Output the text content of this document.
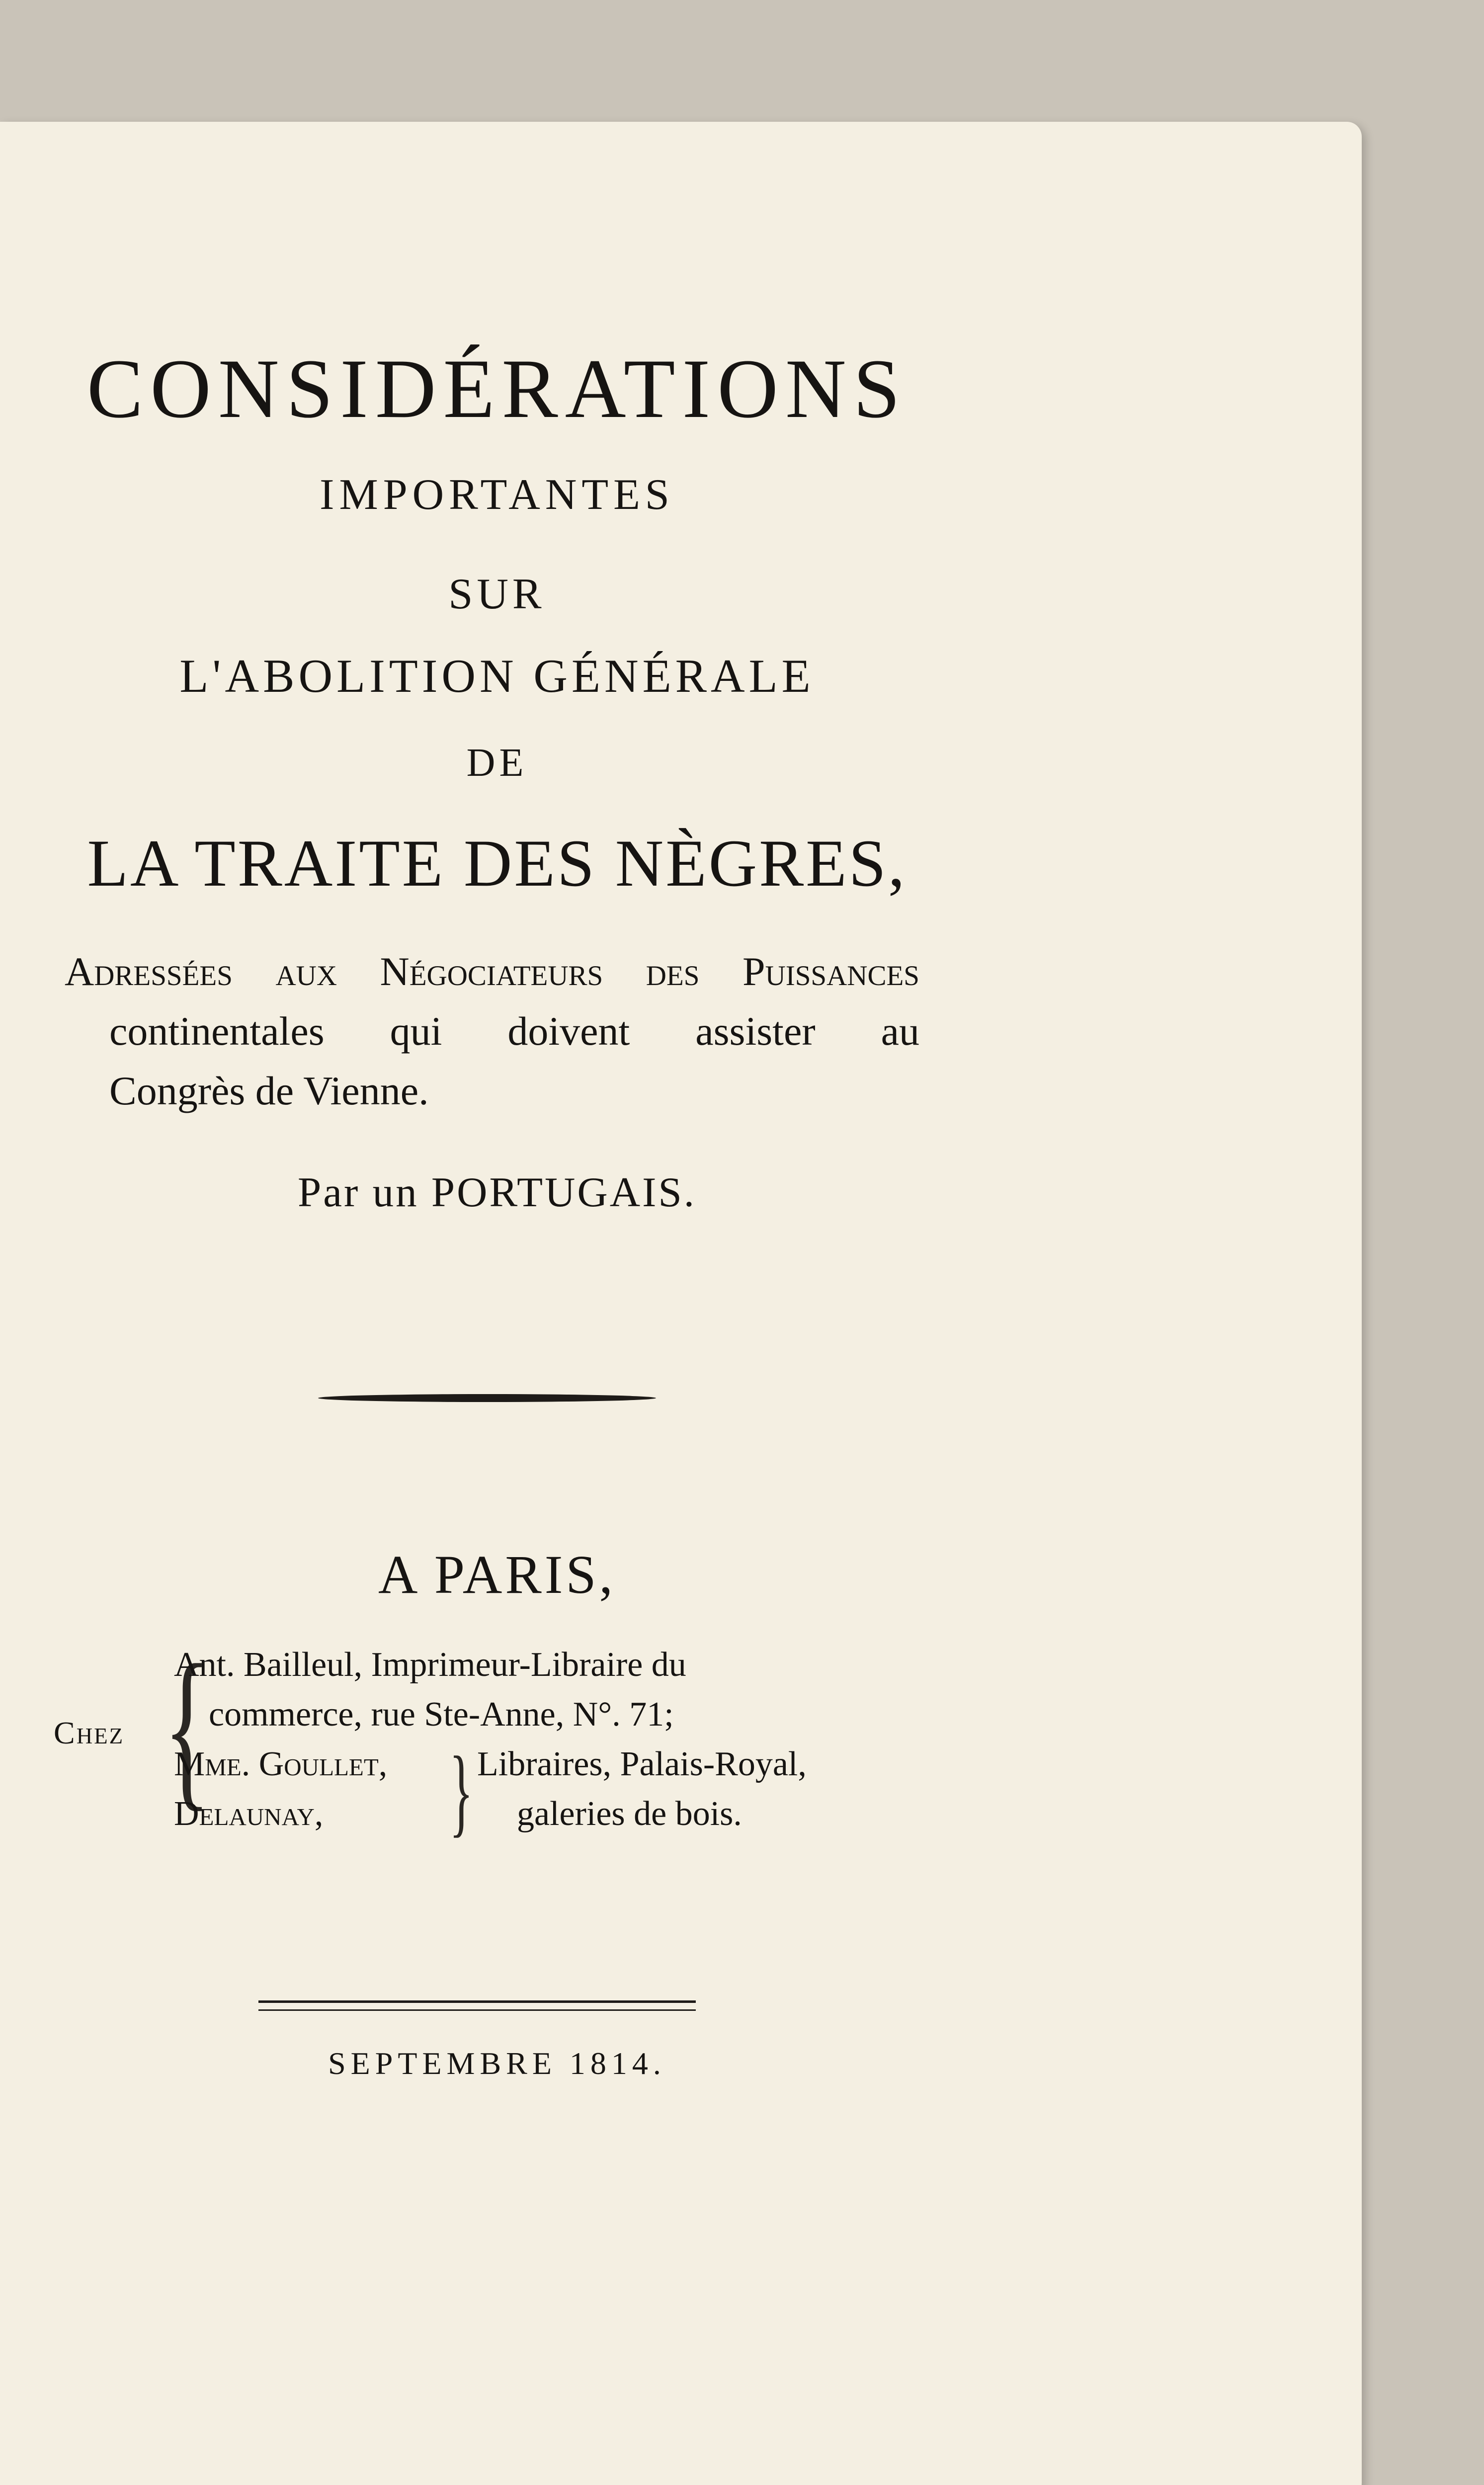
CONSIDÉRATIONS
IMPORTANTES
SUR
L'ABOLITION GÉNÉRALE
DE
LA TRAITE DES NÈGRES,

Adressées aux Négociateurs des Puissances

continentales qui doivent assister au

Congrès de Vienne.

Par un PORTUGAIS.
A PARIS,
Chez {
Ant. Bailleul, Imprimeur-Libraire du
commerce, rue Ste-Anne, N°. 71;
Mme. Goullet,
Delaunay, } Libraires, Palais-Royal,
galeries de bois.
SEPTEMBRE 1814.
